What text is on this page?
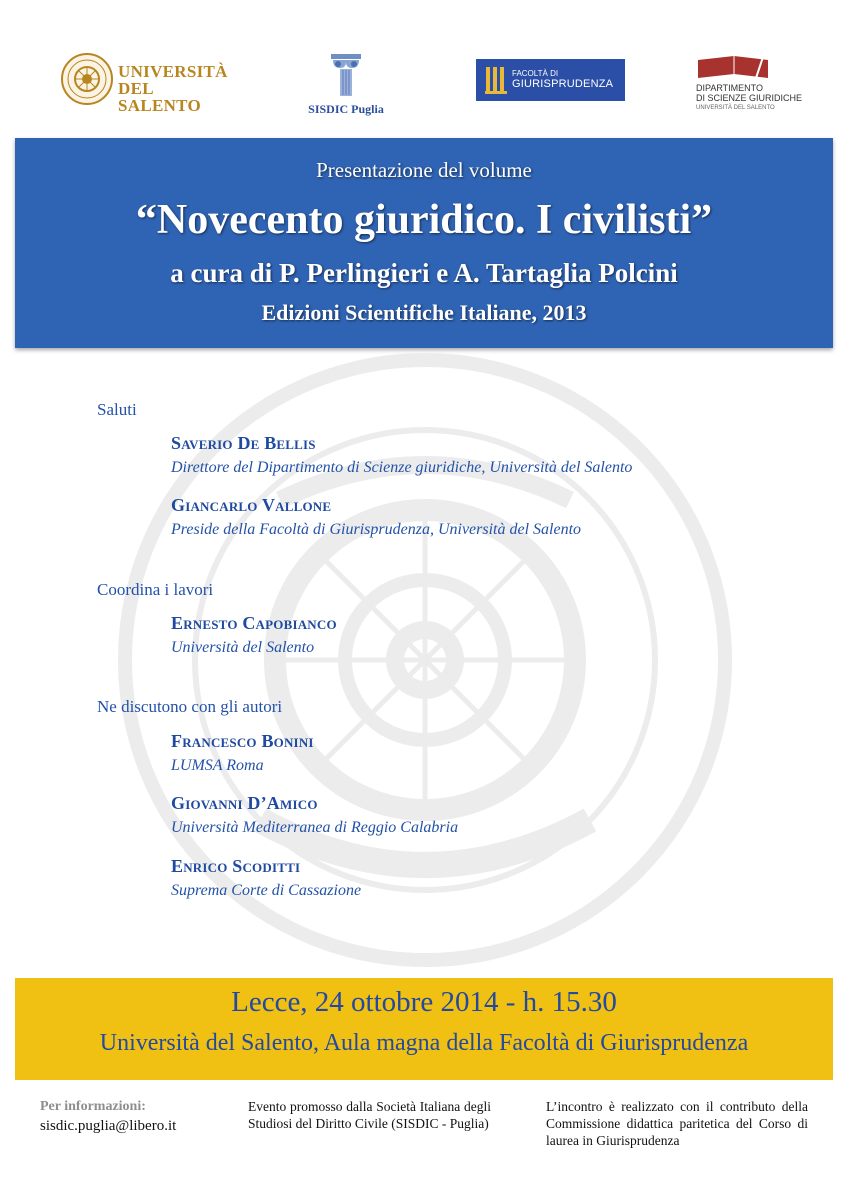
UNIVERSITÀ
DEL SALENTO	SISDIC Puglia
FACOLTÀ DI
GIURISPRUDENZA	DIPARTIMENTO
DI SCIENZE GIURIDICHE
UNIVERSITÀ DEL SALENTO
Presentazione del volume
“Novecento giuridico. I civilisti”
a cura di P. Perlingieri e A. Tartaglia Polcini
Edizioni Scientifiche Italiane, 2013
Saluti
Saverio De Bellis
Direttore del Dipartimento di Scienze giuridiche, Università del Salento
Giancarlo Vallone
Preside della Facoltà di Giurisprudenza, Università del Salento
Coordina i lavori
Ernesto Capobianco
Università del Salento
Ne discutono con gli autori
Francesco Bonini
LUMSA Roma
Giovanni D’Amico
Università Mediterranea di Reggio Calabria
Enrico Scoditti
Suprema Corte di Cassazione
Lecce, 24 ottobre 2014 - h. 15.30
Università del Salento, Aula magna della Facoltà di Giurisprudenza
Per informazioni:
sisdic.puglia@libero.it
Evento promosso dalla Società Italiana degli Studiosi del Diritto Civile (SISDIC - Puglia)
L’incontro è realizzato con il contributo della Commissione didattica paritetica del Corso di laurea in Giurisprudenza
